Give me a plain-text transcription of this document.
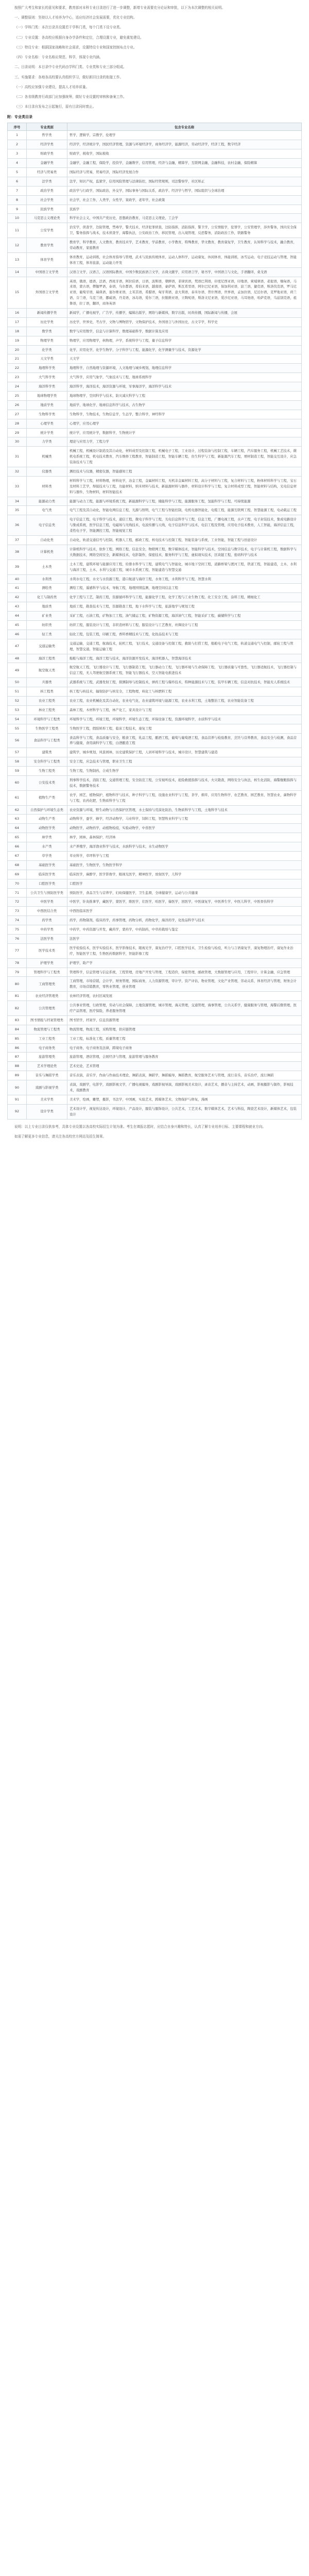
按照广大考生和家长的意见和要求，教育部对本科专业目录进行了进一步调整，新增专业需要充分论证和审批，以下为本次调整的相关说明。

一、调整原则：坚持以人才培养为中心，适应经济社会发展需要，优化专业结构。

（一）学科门类：本次目录共设置若干学科门类，每个门类下设专业类。

（二）专业设置：各高校应根据自身办学条件和定位，合理设置专业，避免重复建设。

（三）特设专业：根据国家战略和社会需求，设置特设专业和国家控制布点专业。

（四）专业名称：专业名称应规范、科学，体现专业内涵。

二、目录说明：本目录中专业代码由学科门类、专业类和专业三部分组成。

三、实施要求：各地各高校要认真组织学习，做好新旧目录的衔接工作。

（一）高校应加强专业建设，提高人才培养质量。

（二）各省级教育行政部门应加强统筹，做好专业设置的审核和备案工作。

（三）本目录自发布之日起施行，原有目录同时废止。

附：专业类目录
序号	专业类别	包含专业名称
1	哲学类	哲学，逻辑学，宗教学，伦理学
2	经济学类	经济学，经济统计学，国民经济管理，资源与环境经济学，商务经济学，能源经济，劳动经济学，经济工程，数字经济
3	财政学类	财政学，税收学，国际税收
4	金融学类	金融学，金融工程，保险学，投资学，金融数学，信用管理，经济与金融，精算学，互联网金融，金融科技，农村金融，保险精算
5	经济与贸易类	国际经济与贸易，贸易经济，国际经济发展合作
6	法学类	法学，知识产权，监狱学，信用风险管理与法律防控，国际经贸规则，司法警察学，社区矫正
7	政治学类	政治学与行政学，国际政治，外交学，国际事务与国际关系，政治学、经济学与哲学，国际组织与全球治理
8	社会学类	社会学，社会工作，人类学，女性学，家政学，老年学，社会政策
9	民族学类	民族学
10	马克思主义理论类	科学社会主义，中国共产党历史，思想政治教育，马克思主义理论，工会学
11	公安学类	治安学，侦查学，边防管理，禁毒学，警犬技术，经济犯罪侦查，边防指挥，消防指挥，警卫学，公安情报学，犯罪学，公安管理学，涉外警务，国内安全保卫，警务指挥与战术，技术侦查学，海警执法，公安政治工作，移民管理，出入境管理，反恐警务，消防政治工作，铁路警务
12	教育学类	教育学，科学教育，人文教育，教育技术学，艺术教育，学前教育，小学教育，特殊教育，华文教育，教育康复学，卫生教育，认知科学与技术，融合教育，劳动教育，家庭教育
13	体育学类	体育教育，运动训练，社会体育指导与管理，武术与民族传统体育，运动人体科学，运动康复，休闲体育，体能训练，冰雪运动，电子竞技运动与管理，智能体育工程，体育旅游，运动能力开发
14	中国语言文学类	汉语言文学，汉语言，汉语国际教育，中国少数民族语言文学，古典文献学，应用语言学，秘书学，中国语言与文化，手语翻译，桑戈语
15	外国语言文学类	英语，俄语，德语，法语，西班牙语，阿拉伯语，日语，波斯语，朝鲜语，菲律宾语，梵语巴利语，印度尼西亚语，印地语，柬埔寨语，老挝语，缅甸语，马来语，蒙古语，僧伽罗语，泰语，乌尔都语，希伯来语，越南语，豪萨语，斯瓦希里语，阿尔巴尼亚语，保加利亚语，波兰语，捷克语，斯洛伐克语，罗马尼亚语，葡萄牙语，瑞典语，塞尔维亚语，土耳其语，希腊语，匈牙利语，意大利语，泰米尔语，普什图语，世界语，孟加拉语，尼泊尔语，克罗地亚语，荷兰语，芬兰语，乌克兰语，挪威语，丹麦语，冰岛语，爱尔兰语，拉脱维亚语，立陶宛语，斯洛文尼亚语，爱沙尼亚语，马耳他语，哈萨克语，乌兹别克语，祖鲁语，拉丁语，翻译，商务英语
16	新闻传播学类	新闻学，广播电视学，广告学，传播学，编辑出版学，网络与新媒体，数字出版，时尚传播，国际新闻与传播，会展
17	历史学类	历史学，世界史，考古学，文物与博物馆学，文物保护技术，外国语言与外国历史，古文字学，科学史
18	数学类	数学与应用数学，信息与计算科学，数理基础科学，数据计算及应用
19	物理学类	物理学，应用物理学，核物理，声学，系统科学与工程，量子信息科学
20	化学类	化学，应用化学，化学生物学，分子科学与工程，能源化学，化学测量学与技术，资源化学
21	天文学类	天文学
22	地理科学类	地理科学，自然地理与资源环境，人文地理与城乡规划，地理信息科学
23	大气科学类	大气科学，应用气象学，气象技术与工程，地球系统科学
24	海洋科学类	海洋科学，海洋技术，海洋资源与环境，军事海洋学，海洋科学与技术
25	地球物理学类	地球物理学，空间科学与技术，防灾减灾科学与工程
26	地质学类	地质学，地球化学，地球信息科学与技术，古生物学
27	生物科学类	生物科学，生物技术，生物信息学，生态学，整合科学，神经科学
28	心理学类	心理学，应用心理学
29	统计学类	统计学，应用统计学，数据科学，生物统计学
30	力学类	理论与应用力学，工程力学
31	机械类	机械工程，机械设计制造及其自动化，材料成型及控制工程，机械电子工程，工业设计，过程装备与控制工程，车辆工程，汽车服务工程，机械工艺技术，微机电系统工程，机电技术教育，汽车维修工程教育，智能制造工程，智能车辆工程，仿生科学与工程，新能源汽车工程，增材制造工程，智能交互设计，应急装备技术与工程
32	仪器类	测控技术与仪器，精密仪器，智能感知工程
33	材料类	材料科学与工程，材料物理，材料化学，冶金工程，金属材料工程，无机非金属材料工程，高分子材料与工程，复合材料与工程，粉体材料科学与工程，宝石及材料工艺学，焊接技术与工程，功能材料，纳米材料与技术，新能源材料与器件，材料设计科学与工程，复合材料成型工程，智能材料与结构，光电信息材料与器件，生物材料，材料智能技术
34	能源动力类	能源与动力工程，能源与环境系统工程，新能源科学与工程，储能科学与工程，能源服务工程，氢能科学与工程，可持续能源
35	电气类	电气工程及其自动化，智能电网信息工程，光源与照明，电气工程与智能控制，电机电器智能化，电缆工程，能源互联网工程，智慧能源工程，电动载运工程
36	电子信息类	电子信息工程，电子科学与技术，通信工程，微电子科学与工程，光电信息科学与工程，信息工程，广播电视工程，水声工程，电子封装技术，集成电路设计与集成系统，医学信息工程，电磁场与无线技术，电波传播与天线，电子信息科学与技术，电信工程及管理，应用电子技术教育，人工智能，海洋信息工程，柔性电子学，智能测控工程，智能视觉工程
37	自动化类	自动化，轨道交通信号与控制，机器人工程，邮政工程，核电技术与控制工程，智能装备与系统，工业智能，智能工程与创意设计
38	计算机类	计算机科学与技术，软件工程，网络工程，信息安全，物联网工程，数字媒体技术，智能科学与技术，空间信息与数字技术，电子与计算机工程，数据科学与大数据技术，网络空间安全，新媒体技术，电影制作，保密技术，服务科学与工程，虚拟现实技术，区块链工程，密码科学与技术
39	土木类	土木工程，建筑环境与能源应用工程，给排水科学与工程，建筑电气与智能化，城市地下空间工程，道路桥梁与渡河工程，铁道工程，智能建造，土木、水利与海洋工程，土木、水利与交通工程，城市水系统工程，智能建造与智慧交通
40	水利类	水利水电工程，水文与水资源工程，港口航道与海岸工程，水务工程，水利科学与工程，智慧水利
41	测绘类	测绘工程，遥感科学与技术，导航工程，地理国情监测，地理空间信息工程
42	化工与制药类	化学工程与工艺，制药工程，资源循环科学与工程，能源化学工程，化学工程与工业生物工程，化工安全工程，涂料工程，精细化工
43	地质类	地质工程，勘查技术与工程，资源勘查工程，地下水科学与工程，旅游地学与规划工程
44	矿业类	采矿工程，石油工程，矿物加工工程，油气储运工程，矿物资源工程，海洋油气工程，智能采矿工程，碳储科学与工程
45	纺织类	纺织工程，服装设计与工程，非织造材料与工程，服装设计与工艺教育，丝绸设计与工程
46	轻工类	轻化工程，包装工程，印刷工程，香料香精技术与工程，化妆品技术与工程
47	交通运输类	交通运输，交通工程，航海技术，轮机工程，飞行技术，交通设备与控制工程，救助与打捞工程，船舶电子电气工程，轨道交通电气与控制，邮轮工程与管理，智慧交通，智能运输工程
48	海洋工程类	船舶与海洋工程，海洋工程与技术，海洋资源开发技术，海洋机器人，智慧海洋技术
49	航空航天类	航空航天工程，飞行器设计与工程，飞行器制造工程，飞行器动力工程，飞行器环境与生命保障工程，飞行器质量与可靠性，飞行器适航技术，飞行器控制与信息工程，无人驾驶航空器系统工程，智能飞行器技术，空天智能电推进技术
50	兵器类	武器系统与工程，武器发射工程，探测制导与控制技术，弹药工程与爆炸技术，特种能源技术与工程，装甲车辆工程，信息对抗技术，智能无人系统技术
51	核工程类	核工程与核技术，辐射防护与核安全，工程物理，核化工与核燃料工程
52	农业工程类	农业工程，农业机械化及其自动化，农业电气化，农业建筑环境与能源工程，农业水利工程，土地整治工程，农业智能装备工程
53	林业工程类	森林工程，木材科学与工程，林产化工，家具设计与工程
54	环境科学与工程类	环境科学与工程，环境工程，环境科学，环境生态工程，环保设备工程，资源环境科学，水质科学与技术
55	生物医学工程类	生物医学工程，假肢矫形工程，临床工程技术，康复工程
56	食品科学与工程类	食品科学与工程，食品质量与安全，粮食工程，乳品工程，酿酒工程，葡萄与葡萄酒工程，食品营养与检验教育，烹饪与营养教育，食品安全与检测，食品营养与健康，食用菌科学与工程，白酒酿造工程
57	建筑类	建筑学，城乡规划，风景园林，历史建筑保护工程，人居环境科学与技术，城市设计，智慧建筑与建造
58	安全科学与工程类	安全工程，应急技术与管理，职业卫生工程
59	生物工程类	生物工程，生物制药，合成生物学
60	公安技术类	刑事科学技术，消防工程，交通管理工程，安全防范工程，公安视听技术，抢险救援指挥与技术，火灾勘查，网络安全与执法，核生化消防，海警舰艇指挥与技术，数据警务技术
61	植物生产类	农学，园艺，植物保护，植物科学与技术，种子科学与工程，设施农业科学与工程，茶学，烟草，应用生物科学，农艺教育，园艺教育，智慧农业，菌物科学与工程，农药化肥，生物质科学与工程
62	自然保护与环境生态类	农业资源与环境，野生动物与自然保护区管理，水土保持与荒漠化防治，生物质科学与工程，土地科学与技术
63	动物生产类	动物科学，蚕学，蜂学，经济动物学，马业科学，饲料工程，智慧牧业科学与工程
64	动物医学类	动物医学，动物药学，动植物检疫，实验动物学，中兽医学
65	林学类	林学，园林，森林保护，经济林
66	水产类	水产养殖学，海洋渔业科学与技术，水族科学与技术，水生动物医学
67	草学类	草业科学，草坪科学与工程
68	基础医学类	基础医学，生物医学，生物医学科学
69	临床医学类	临床医学，麻醉学，医学影像学，眼视光医学，精神医学，放射医学，儿科学
70	口腔医学类	口腔医学
71	公共卫生与预防医学类	预防医学，食品卫生与营养学，妇幼保健医学，卫生监督，全球健康学，运动与公共健康
72	中医学类	中医学，针灸推拿学，藏医学，蒙医学，维医学，壮医学，哈医学，傣医学，回医学，中医康复学，中医养生学，中医儿科学，中医骨伤科学
73	中西医结合类	中西医临床医学
74	药学类	药学，药物制剂，临床药学，药事管理，药物分析，药物化学，海洋药学，化妆品科学与技术
75	中药学类	中药学，中药资源与开发，藏药学，蒙药学，中药制药，中草药栽培与鉴定
76	法医学类	法医学
77	医学技术类	医学检验技术，医学实验技术，医学影像技术，眼视光学，康复治疗学，口腔医学技术，卫生检验与检疫，听力与言语康复学，康复物理治疗，康复作业治疗，智能医学工程，生物医药数据科学，智能影像工程
78	护理学类	护理学，助产学
79	管理科学与工程类	管理科学，信息管理与信息系统，工程管理，房地产开发与管理，工程造价，保密管理，邮政管理，大数据管理与应用，工程审计，计算金融，应急管理
80	工商管理类	工商管理，市场营销，会计学，财务管理，国际商务，人力资源管理，审计学，资产评估，物业管理，文化产业管理，劳动关系，体育经济与管理，财务会计教育，市场营销教育，零售业管理，创业管理
81	农业经济管理类	农林经济管理，农村区域发展
82	公共管理类	公共事业管理，行政管理，劳动与社会保障，土地资源管理，城市管理，海关管理，交通管理，海事管理，公共关系学，健康服务与管理，海警后勤管理，医疗产品管理，医疗保险，养老服务管理
83	图书情报与档案管理类	图书馆学，档案学，信息资源管理
84	物流管理与工程类	物流管理，物流工程，采购管理，供应链管理
85	工业工程类	工业工程，标准化工程，质量管理工程
86	电子商务类	电子商务，电子商务及法律，跨境电子商务
87	旅游管理类	旅游管理，酒店管理，会展经济与管理，旅游管理与服务教育
88	艺术学理论类	艺术史论，艺术管理
89	音乐与舞蹈学类	音乐表演，音乐学，作曲与作曲技术理论，舞蹈表演，舞蹈学，舞蹈编导，舞蹈教育，航空服务艺术与管理，流行音乐，音乐治疗，流行舞蹈
90	戏剧与影视学类	表演，戏剧学，电影学，戏剧影视文学，广播电视编导，戏剧影视导演，戏剧影视美术设计，录音艺术，播音与主持艺术，动画，影视摄影与制作，影视技术，戏剧教育
91	美术学类	美术学，绘画，雕塑，摄影，书法学，中国画，实验艺术，跨媒体艺术，文物保护与修复，漫画
92	设计学类	艺术设计学，视觉传达设计，环境设计，产品设计，服装与服饰设计，公共艺术，工艺美术，数字媒体艺术，艺术与科技，陶瓷艺术设计，新媒体艺术，包装设计

说明：以上专业目录仅供参考，具体专业设置以各高校实际招生计划为准。考生在填报志愿时，应结合自身兴趣和特长，认真了解专业培养目标、主要课程和就业方向。

如需了解更多专业信息，请关注各高校官方网站及招生简章。
